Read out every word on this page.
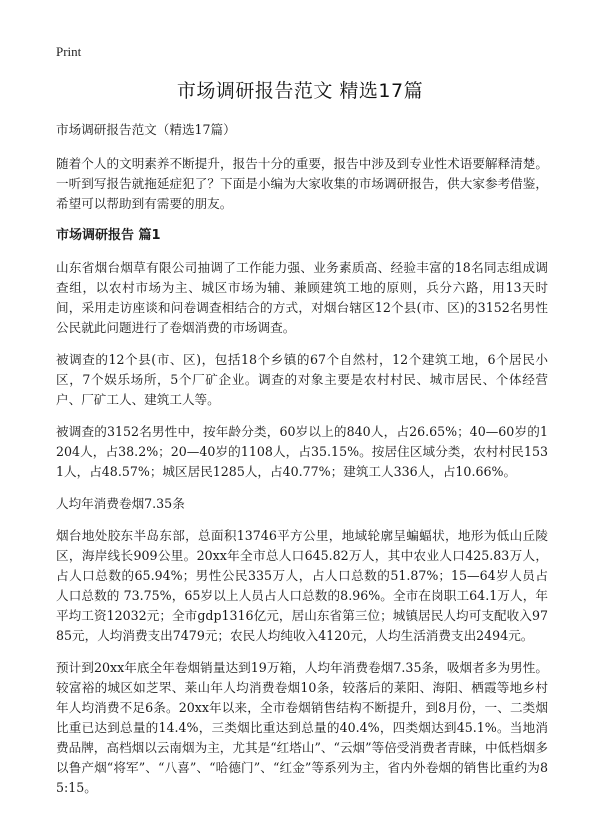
Print
市场调研报告范文 精选17篇

市场调研报告范文（精选17篇）

随着个人的文明素养不断提升，报告十分的重要，报告中涉及到专业性术语要解释清楚。一听到写报告就拖延症犯了？下面是小编为大家收集的市场调研报告，供大家参考借鉴，希望可以帮助到有需要的朋友。

市场调研报告 篇1

山东省烟台烟草有限公司抽调了工作能力强、业务素质高、经验丰富的18名同志组成调查组，以农村市场为主、城区市场为辅、兼顾建筑工地的原则，兵分六路，用13天时间，采用走访座谈和问卷调查相结合的方式，对烟台辖区12个县(市、区)的3152名男性公民就此问题进行了卷烟消费的市场调查。

被调查的12个县(市、区)，包括18个乡镇的67个自然村，12个建筑工地，6个居民小区，7个娱乐场所，5个厂矿企业。调查的对象主要是农村村民、城市居民、个体经营户、厂矿工人、建筑工人等。

被调查的3152名男性中，按年龄分类，60岁以上的840人，占26.65%；40—60岁的1204人，占38.2%；20—40岁的1108人，占35.15%。按居住区域分类，农村村民1531人，占48.57%；城区居民1285人，占40.77%；建筑工人336人，占10.66%。

人均年消费卷烟7.35条

烟台地处胶东半岛东部，总面积13746平方公里，地域轮廓呈蝙蝠状，地形为低山丘陵区，海岸线长909公里。20xx年全市总人口645.82万人，其中农业人口425.83万人，占人口总数的65.94%；男性公民335万人，占人口总数的51.87%；15—64岁人员占人口总数的 73.75%，65岁以上人员占人口总数的8.96%。全市在岗职工64.1万人，年平均工资12032元；全市gdp1316亿元，居山东省第三位；城镇居民人均可支配收入9785元，人均消费支出7479元；农民人均纯收入4120元，人均生活消费支出2494元。

预计到20xx年底全年卷烟销量达到19万箱，人均年消费卷烟7.35条，吸烟者多为男性。较富裕的城区如芝罘、莱山年人均消费卷烟10条，较落后的莱阳、海阳、栖霞等地乡村年人均消费不足6条。20xx年以来，全市卷烟销售结构不断提升，到8月份，一、二类烟比重已达到总量的14.4%，三类烟比重达到总量的40.4%，四类烟达到45.1%。当地消费品牌，高档烟以云南烟为主，尤其是“红塔山”、“云烟”等倍受消费者青睐，中低档烟多以鲁产烟“将军”、“八喜”、“哈德门”、“红金”等系列为主，省内外卷烟的销售比重约为85:15。
